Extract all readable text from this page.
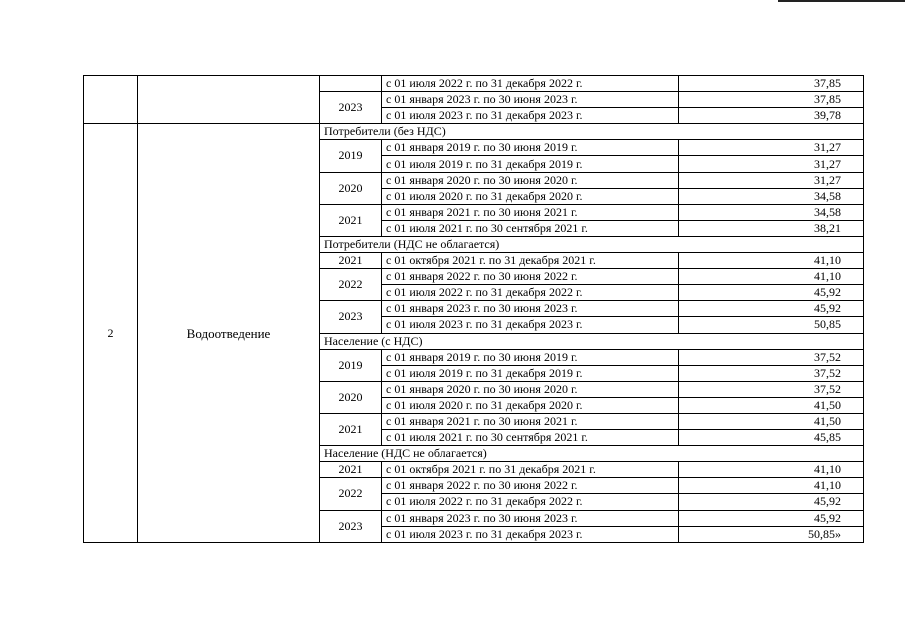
			с 01 июля 2022 г. по 31 декабря 2022 г.	37,85
		2023	с 01 января 2023 г. по 30 июня 2023 г.	37,85
			с 01 июля 2023 г. по 31 декабря 2023 г.	39,78
2	Водоотведение	Потребители (без НДС)		
		2019	с 01 января 2019 г. по 30 июня 2019 г.	31,27
			с 01 июля 2019 г. по 31 декабря 2019 г.	31,27
		2020	с 01 января 2020 г. по 30 июня 2020 г.	31,27
			с 01 июля 2020 г. по 31 декабря 2020 г.	34,58
		2021	с 01 января 2021 г. по 30 июня 2021 г.	34,58
			с 01 июля 2021 г. по 30 сентября 2021 г.	38,21
		Потребители (НДС не облагается)		
		2021	с 01 октября 2021 г. по 31 декабря 2021 г.	41,10
		2022	с 01 января 2022 г. по 30 июня 2022 г.	41,10
			с 01 июля 2022 г. по 31 декабря 2022 г.	45,92
		2023	с 01 января 2023 г. по 30 июня 2023 г.	45,92
			с 01 июля 2023 г. по 31 декабря 2023 г.	50,85
		Население (с НДС)		
		2019	с 01 января 2019 г. по 30 июня 2019 г.	37,52
			с 01 июля 2019 г. по 31 декабря 2019 г.	37,52
		2020	с 01 января 2020 г. по 30 июня 2020 г.	37,52
			с 01 июля 2020 г. по 31 декабря 2020 г.	41,50
		2021	с 01 января 2021 г. по 30 июня 2021 г.	41,50
			с 01 июля 2021 г. по 30 сентября 2021 г.	45,85
		Население (НДС не облагается)		
		2021	с 01 октября 2021 г. по 31 декабря 2021 г.	41,10
		2022	с 01 января 2022 г. по 30 июня 2022 г.	41,10
			с 01 июля 2022 г. по 31 декабря 2022 г.	45,92
		2023	с 01 января 2023 г. по 30 июня 2023 г.	45,92
			с 01 июля 2023 г. по 31 декабря 2023 г.	50,85»
